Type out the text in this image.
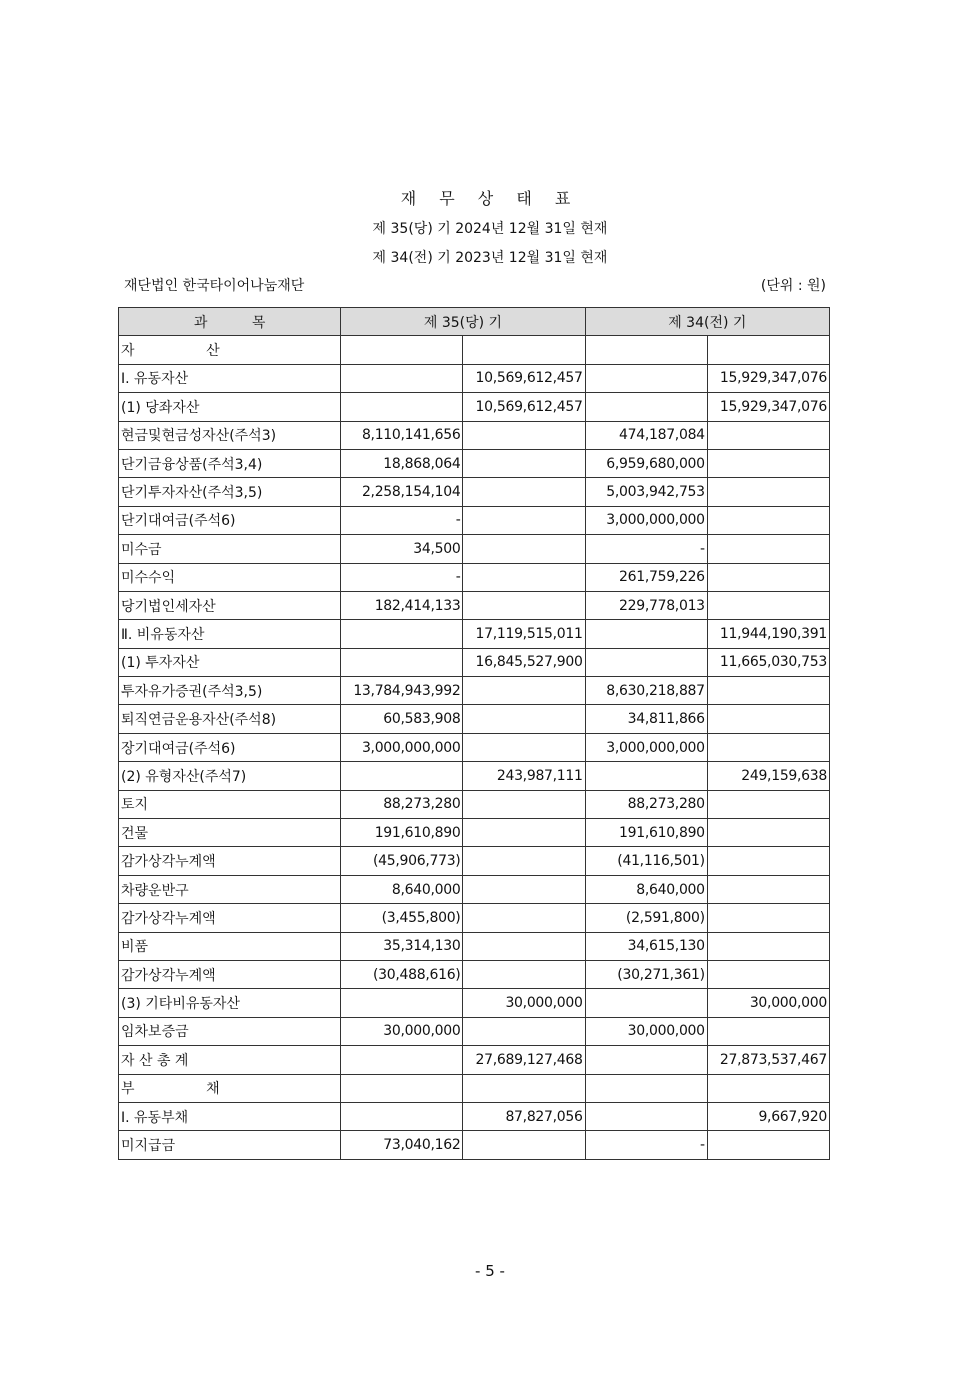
재 무 상 태 표
제 35(당) 기 2024년 12월 31일 현재
제 34(전) 기 2023년 12월 31일 현재
재단법인 한국타이어나눔재단	(단위 : 원)
과          목	제 35(당) 기		제 34(전) 기	
자        산				
Ⅰ. 유동자산		10,569,612,457		15,929,347,076
(1) 당좌자산		10,569,612,457		15,929,347,076
현금및현금성자산(주석3)	8,110,141,656		474,187,084	
단기금융상품(주석3,4)	18,868,064		6,959,680,000	
단기투자자산(주석3,5)	2,258,154,104		5,003,942,753	
단기대여금(주석6)	-		3,000,000,000	
미수금	34,500		-	
미수수익	-		261,759,226	
당기법인세자산	182,414,133		229,778,013	
Ⅱ. 비유동자산		17,119,515,011		11,944,190,391
(1) 투자자산		16,845,527,900		11,665,030,753
투자유가증권(주석3,5)	13,784,943,992		8,630,218,887	
퇴직연금운용자산(주석8)	60,583,908		34,811,866	
장기대여금(주석6)	3,000,000,000		3,000,000,000	
(2) 유형자산(주석7)		243,987,111		249,159,638
토지	88,273,280		88,273,280	
건물	191,610,890		191,610,890	
감가상각누계액	(45,906,773)		(41,116,501)	
차량운반구	8,640,000		8,640,000	
감가상각누계액	(3,455,800)		(2,591,800)	
비품	35,314,130		34,615,130	
감가상각누계액	(30,488,616)		(30,271,361)	
(3) 기타비유동자산		30,000,000		30,000,000
임차보증금	30,000,000		30,000,000	
자 산 총 계		27,689,127,468		27,873,537,467
부        채				
Ⅰ. 유동부채		87,827,056		9,667,920
미지급금	73,040,162		-	
- 5 -
